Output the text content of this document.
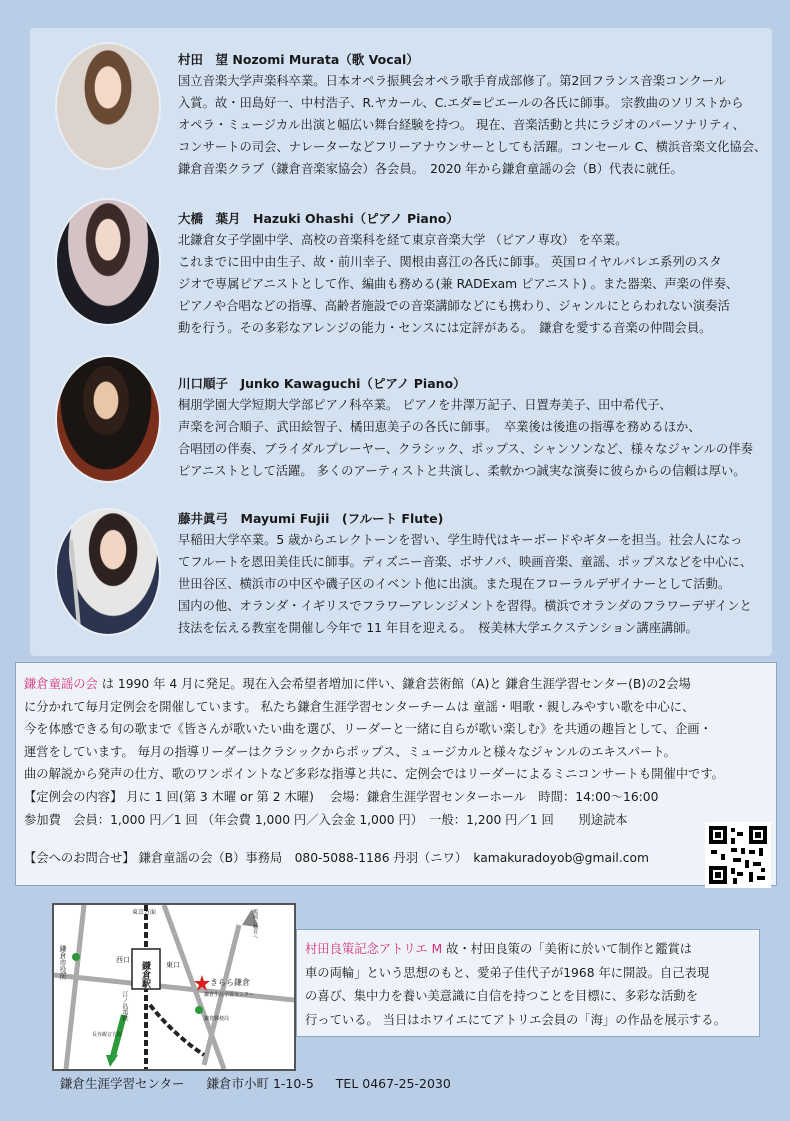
村田　望 Nozomi Murata（歌 Vocal）
国立音楽大学声楽科卒業。日本オペラ振興会オペラ歌手育成部修了。第2回フランス音楽コンクール
入賞。故・田島好一、中村浩子、R.ヤカール、C.エダ=ピエールの各氏に師事。 宗教曲のソリストから
オペラ・ミュージカル出演と幅広い舞台経験を持つ。 現在、音楽活動と共にラジオのパーソナリティ、
コンサートの司会、ナレーターなどフリーアナウンサーとしても活躍。コンセール C、横浜音楽文化協会、
鎌倉音楽クラブ（鎌倉音楽家協会）各会員。　2020 年から鎌倉童謡の会（B）代表に就任。
大橋　葉月　Hazuki Ohashi（ピアノ Piano）
北鎌倉女子学園中学、高校の音楽科を経て東京音楽大学 （ピアノ専攻） を卒業。
これまでに田中由生子、故・前川幸子、関根由喜江の各氏に師事。 英国ロイヤルバレエ系列のスタ
ジオで専属ピアニストとして作、編曲も務める(兼 RADExam ピアニスト) 。また器楽、声楽の伴奏、
ピアノや合唱などの指導、高齢者施設での音楽講師などにも携わり、ジャンルにとらわれない演奏活
動を行う。その多彩なアレンジの能力・センスには定評がある。　鎌倉を愛する音楽の仲間会員。
川口順子　Junko Kawaguchi（ピアノ Piano）
桐朋学園大学短期大学部ピアノ科卒業。 ピアノを井澤万記子、日置寿美子、田中希代子、
声楽を河合順子、武田絵智子、橘田恵美子の各氏に師事。　卒業後は後進の指導を務めるほか、
合唱団の伴奏、ブライダルプレーヤー、クラシック、ポップス、シャンソンなど、様々なジャンルの伴奏
ピアニストとして活躍。 多くのアーティストと共演し、柔軟かつ誠実な演奏に彼らからの信頼は厚い。
藤井眞弓　Mayumi Fujii　(フルート Flute)
早稲田大学卒業。5 歳からエレクトーンを習い、学生時代はキーボードやギターを担当。社会人になっ
てフルートを恩田美佳氏に師事。ディズニー音楽、ボサノバ、映画音楽、童謡、ポップスなどを中心に、
世田谷区、横浜市の中区や磯子区のイベント他に出演。また現在フローラルデザイナーとして活動。
国内の他、オランダ・イギリスでフラワーアレンジメントを習得。横浜でオランダのフラワーデザインと
技法を伝える教室を開催し今年で 11 年目を迎える。　桜美林大学エクステンション講座講師。
鎌倉童謡の会 は 1990 年 4 月に発足。現在入会希望者増加に伴い、鎌倉芸術館（A)と 鎌倉生涯学習センター(B)の2会場
に分かれて毎月定例会を開催しています。 私たち鎌倉生涯学習センターチームは 童謡・唱歌・親しみやすい歌を中心に、
今を体感できる旬の歌まで《皆さんが歌いたい曲を選び、リーダーと一緒に自らが歌い楽しむ》を共通の趣旨として、企画・
運営をしています。 毎月の指導リーダーはクラシックからポップス、ミュージカルと様々なジャンルのエキスパート。
曲の解説から発声の仕方、歌のワンポイントなど多彩な指導と共に、定例会ではリーダーによるミニコンサートも開催中です。
【定例会の内容】 月に 1 回(第 3 木曜 or 第 2 木曜)　 会場：鎌倉生涯学習センターホール　時間：14:00～16:00
参加費　会員：1,000 円／1 回 （年会費 1,000 円／入会金 1,000 円）　一般：1,200 円／1 回　　別途読本
【会へのお問合せ】 鎌倉童謡の会（B）事務局　080-5088-1186 丹羽（ニワ）　kamakuradoyob@gmail.com
鎌倉市役所	西口
東口
鎌倉駅	きらら鎌倉
鎌倉生涯学習センター
東京方面	鶴岡八幡宮へ
江ノ島電鉄
長谷観音方面
鎌倉郵便局
鎌倉生涯学習センター 鎌倉市小町 1-10-5 TEL 0467-25-2030
村田良策記念アトリエ M 故・村田良策の「美術に於いて制作と鑑賞は
車の両輪」という思想のもと、愛弟子佳代子が1968 年に開設。自己表現
の喜び、集中力を養い美意識に自信を持つことを目標に、多彩な活動を
行っている。 当日はホワイエにてアトリエ会員の「海」の作品を展示する。
